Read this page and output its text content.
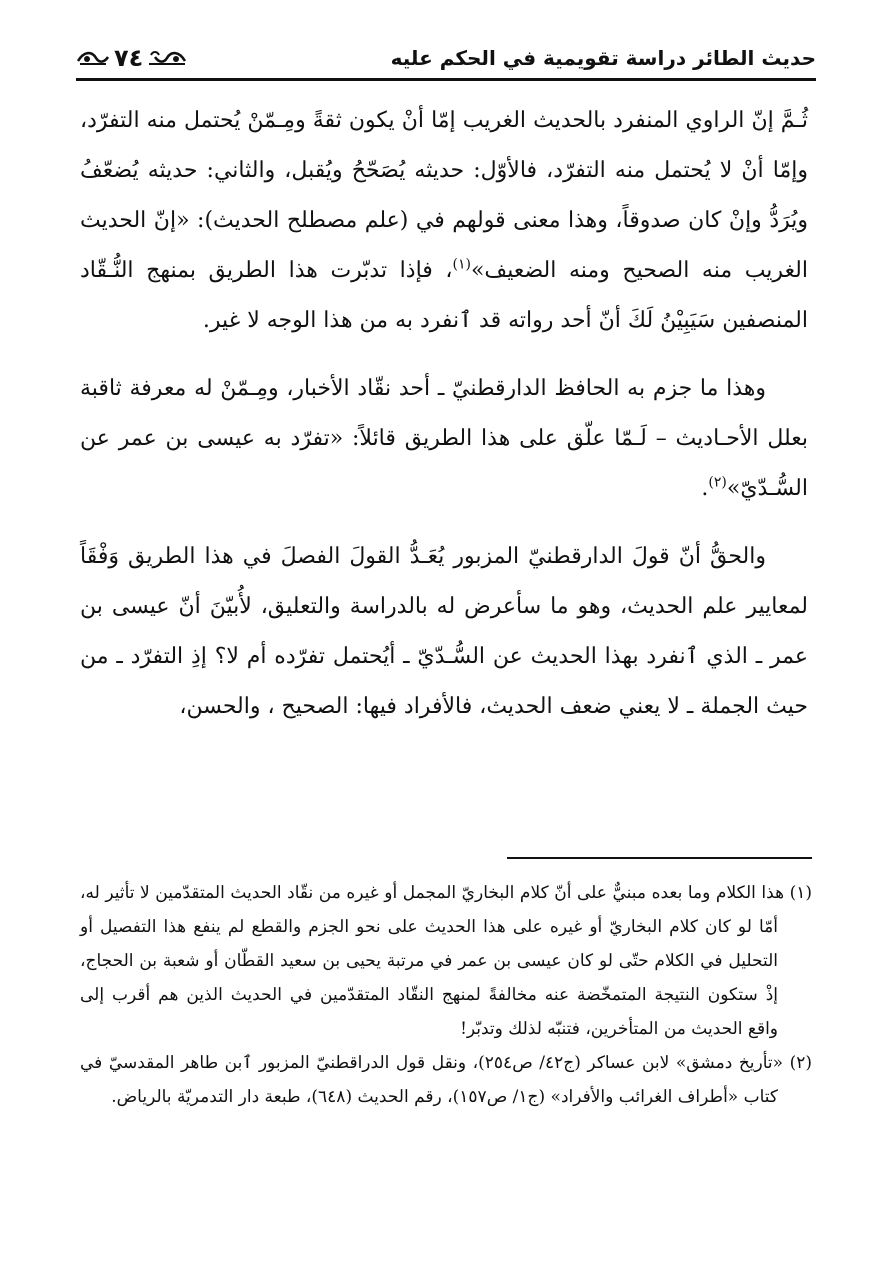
حديث الطائر دراسة تقويمية في الحكم عليه
٧٤

ثُـمَّ إنّ الراوي المنفرد بالحديث الغريب إمّا أنْ يكون ثقةً ومِـمّنْ يُحتمل منه التفرّد، وإمّا أنْ لا يُحتمل منه التفرّد، فالأوّل: حديثه يُصَحّحُ ويُقبل، والثاني: حديثه يُضعّفُ ويُرَدُّ وإنْ كان صدوقاً، وهذا معنى قولهم في (علم مصطلح الحديث): «إنّ الحديث الغريب منه الصحيح ومنه الضعيف»$^{(١)}$، فإذا تدبّرت هذا الطريق بمنهج النُّـقّاد المنصفين سَيَبِيْنُ لَكَ أنّ أحد رواته قد ٱنفرد به من هذا الوجه لا غير.

وهذا ما جزم به الحافظ الدارقطنيّ ـ أحد نقّاد الأخبار، ومِـمّنْ له معرفة ثاقبة بعلل الأحـاديث – لَـمّا علّق على هذا الطريق قائلاً: «تفرّد به عيسى بن عمر عن السُّـدّيّ»$^{(٢)}$.

والحقُّ أنّ قولَ الدارقطنيّ المزبور يُعَـدُّ القولَ الفصلَ في هذا الطريق وَفْقَاً لمعايير علم الحديث، وهو ما سأعرض له بالدراسة والتعليق، لأُبيّنَ أنّ عيسى بن عمر ـ الذي ٱنفرد بهذا الحديث عن السُّـدّيّ ـ أيُحتمل تفرّده أم لا؟ إذِ التفرّد ـ من حيث الجملة ـ لا يعني ضعف الحديث، فالأفراد فيها: الصحيح ، والحسن،

(١) هذا الكلام وما بعده مبنيٌّ على أنّ كلام البخاريّ المجمل أو غيره من نقّاد الحديث المتقدّمين لا تأثير له، أمّا لو كان كلام البخاريّ أو غيره على هذا الحديث على نحو الجزم والقطع لم ينفع هذا التفصيل أو التحليل في الكلام حتّى لو كان عيسى بن عمر في مرتبة يحيى بن سعيد القطّان أو شعبة بن الحجاج، إذْ ستكون النتيجة المتمخّضة عنه مخالفةً لمنهج النقّاد المتقدّمين في الحديث الذين هم أقرب إلى واقع الحديث من المتأخرين، فتنبّه لذلك وتدبّر!

(٢) «تأريخ دمشق» لابن عساكر (ج٤٢/ ص٢٥٤)، ونقل قول الدراقطنيّ المزبور ٱبن طاهر المقدسيّ في كتاب «أطراف الغرائب والأفراد» (ج١/ ص١٥٧)، رقم الحديث (٦٤٨)، طبعة دار التدمريّة بالرياض.
